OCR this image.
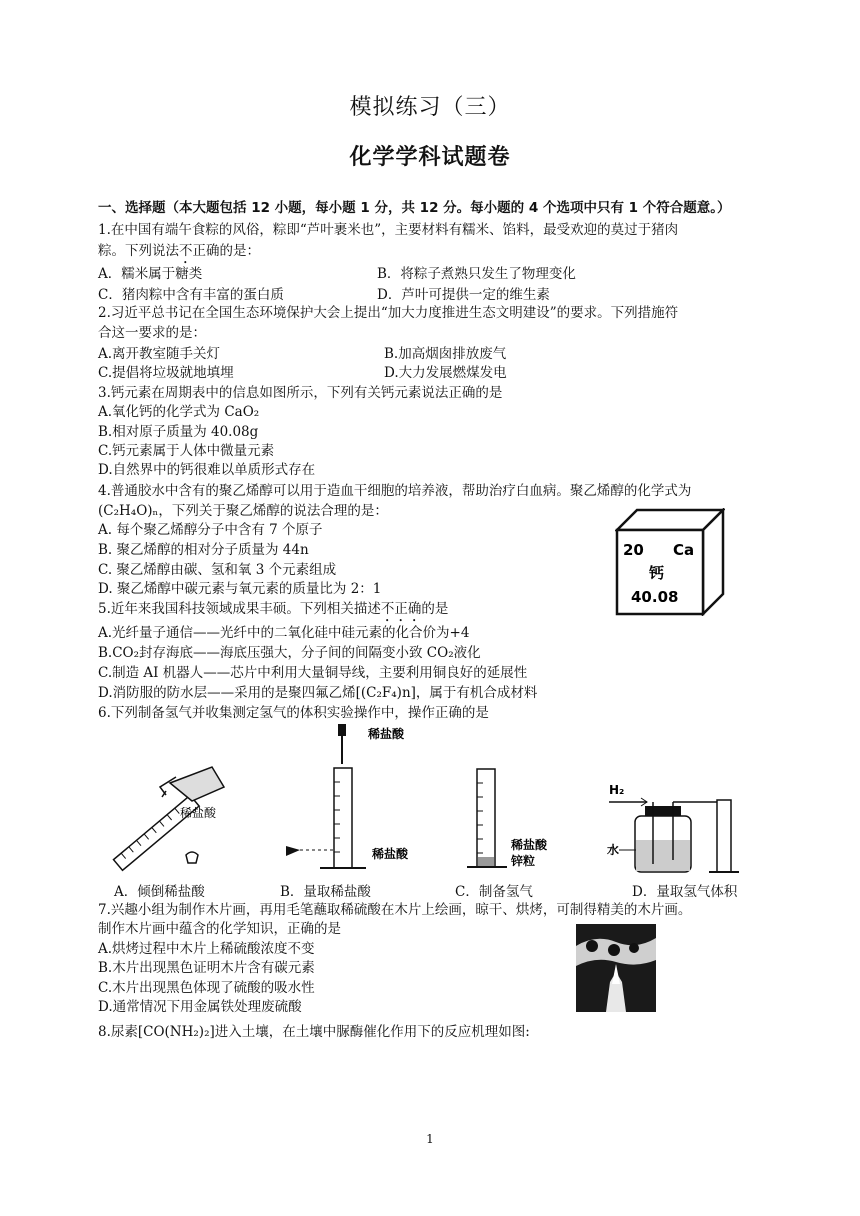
模拟练习（三）
化学学科试题卷
一、选择题（本大题包括 12 小题，每小题 1 分，共 12 分。每小题的 4 个选项中只有 1 个符合题意。）
1.在中国有端午食粽的风俗，粽即“芦叶裹米也”，主要材料有糯米、馅料，最受欢迎的莫过于猪肉
粽。下列说法不正确的是：
A．糯米属于糖类	B．将粽子煮熟只发生了物理变化
C．猪肉粽中含有丰富的蛋白质	D．芦叶可提供一定的维生素
2.习近平总书记在全国生态环境保护大会上提出“加大力度推进生态文明建设”的要求。下列措施符
合这一要求的是：
A.离开教室随手关灯	B.加高烟囱排放废气
C.提倡将垃圾就地填埋	D.大力发展燃煤发电
3.钙元素在周期表中的信息如图所示，下列有关钙元素说法正确的是
A.氧化钙的化学式为 CaO₂
B.相对原子质量为 40.08g
C.钙元素属于人体中微量元素
D.自然界中的钙很难以单质形式存在
4.普通胶水中含有的聚乙烯醇可以用于造血干细胞的培养液，帮助治疗白血病。聚乙烯醇的化学式为
(C₂H₄O)ₙ，下列关于聚乙烯醇的说法合理的是：
A. 每个聚乙烯醇分子中含有 7 个原子
B. 聚乙烯醇的相对分子质量为 44n
C. 聚乙烯醇由碳、氢和氧 3 个元素组成
D. 聚乙烯醇中碳元素与氧元素的质量比为 2：1
20 Ca
钙
40.08
5.近年来我国科技领域成果丰硕。下列相关描述不正确的是
A.光纤量子通信——光纤中的二氧化硅中硅元素的化合价为+4
B.CO₂封存海底——海底压强大，分子间的间隔变小致 CO₂液化
C.制造 AI 机器人——芯片中利用大量铜导线，主要利用铜良好的延展性
D.消防服的防水层——采用的是聚四氟乙烯[(C₂F₄)n]，属于有机合成材料
6.下列制备氢气并收集测定氢气的体积实验操作中，操作正确的是
稀盐酸
稀盐酸
稀盐酸
稀盐酸
锌粒
H₂
水
A．倾倒稀盐酸	B．量取稀盐酸	C．制备氢气	D．量取氢气体积
7.兴趣小组为制作木片画，再用毛笔蘸取稀硫酸在木片上绘画，晾干、烘烤，可制得精美的木片画。
制作木片画中蕴含的化学知识，正确的是
A.烘烤过程中木片上稀硫酸浓度不变
B.木片出现黑色证明木片含有碳元素
C.木片出现黑色体现了硫酸的吸水性
D.通常情况下用金属铁处理废硫酸
8.尿素[CO(NH₂)₂]进入土壤，在土壤中脲酶催化作用下的反应机理如图:
1
